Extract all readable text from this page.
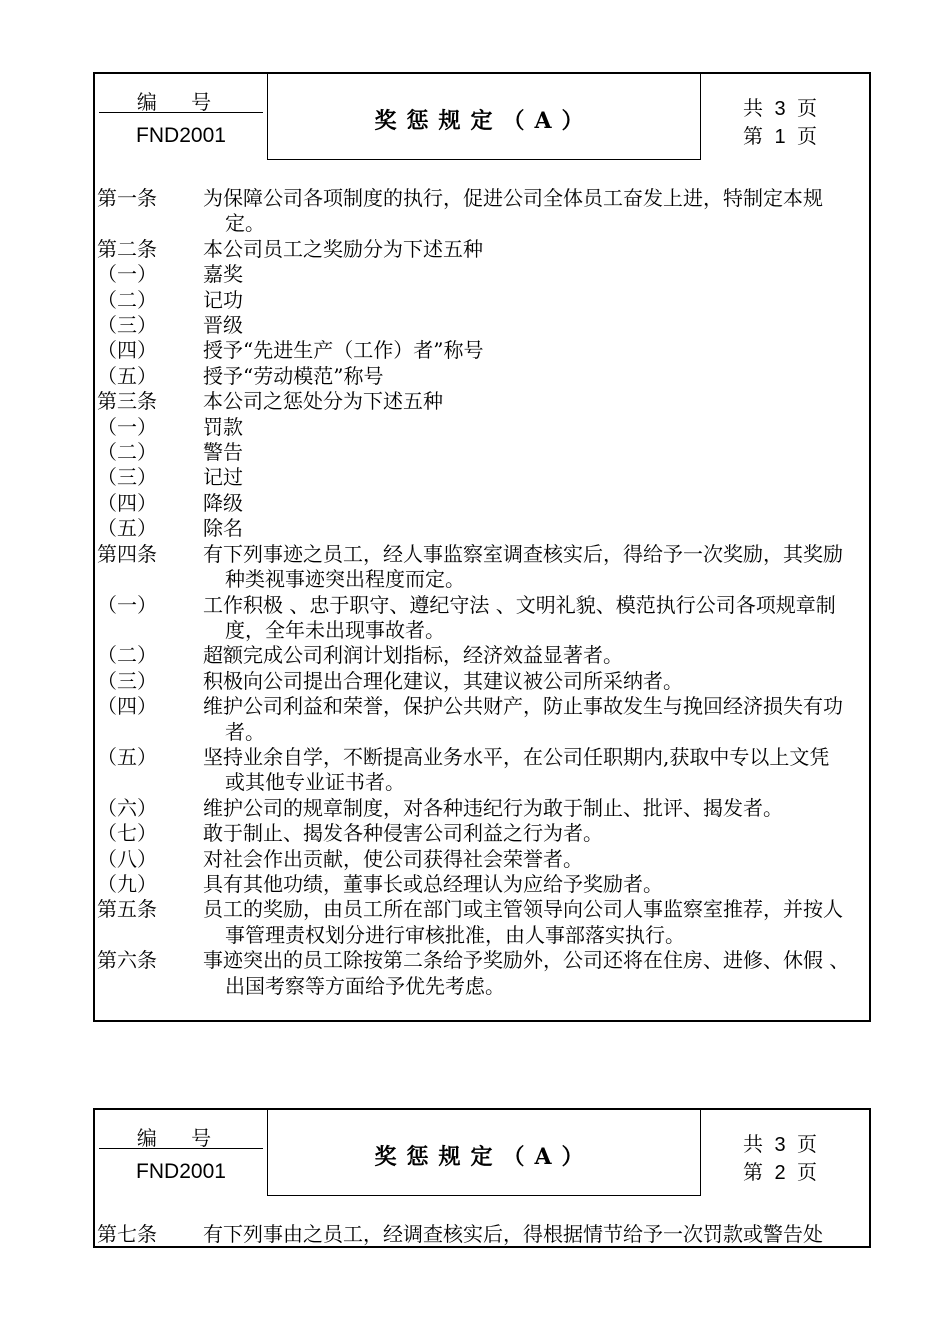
编 号
FND2001
奖惩规定（A）	共 3 页
第 1 页
第一条 为保障公司各项制度的执行，促进公司全体员工奋发上进，特制定本规
定。
第二条 本公司员工之奖励分为下述五种
（一） 嘉奖
（二） 记功
（三） 晋级
（四） 授予“先进生产（工作）者”称号
（五） 授予“劳动模范”称号
第三条 本公司之惩处分为下述五种
（一） 罚款
（二） 警告
（三） 记过
（四） 降级
（五） 除名
第四条 有下列事迹之员工，经人事监察室调查核实后，得给予一次奖励，其奖励
种类视事迹突出程度而定。
（一） 工作积极 、忠于职守、遵纪守法 、文明礼貌、模范执行公司各项规章制
度，全年未出现事故者。
（二） 超额完成公司利润计划指标，经济效益显著者。
（三） 积极向公司提出合理化建议，其建议被公司所采纳者。
（四） 维护公司利益和荣誉，保护公共财产，防止事故发生与挽回经济损失有功
者。
（五） 坚持业余自学，不断提高业务水平，在公司任职期内,获取中专以上文凭
或其他专业证书者。
（六） 维护公司的规章制度，对各种违纪行为敢于制止、批评、揭发者。
（七） 敢于制止、揭发各种侵害公司利益之行为者。
（八） 对社会作出贡献，使公司获得社会荣誉者。
（九） 具有其他功绩，董事长或总经理认为应给予奖励者。
第五条 员工的奖励，由员工所在部门或主管领导向公司人事监察室推荐，并按人
事管理责权划分进行审核批准，由人事部落实执行。
第六条 事迹突出的员工除按第二条给予奖励外，公司还将在住房、进修、休假 、
出国考察等方面给予优先考虑。
编 号
FND2001
奖惩规定（A）	共 3 页
第 2 页
第七条 有下列事由之员工，经调查核实后，得根据情节给予一次罚款或警告处
